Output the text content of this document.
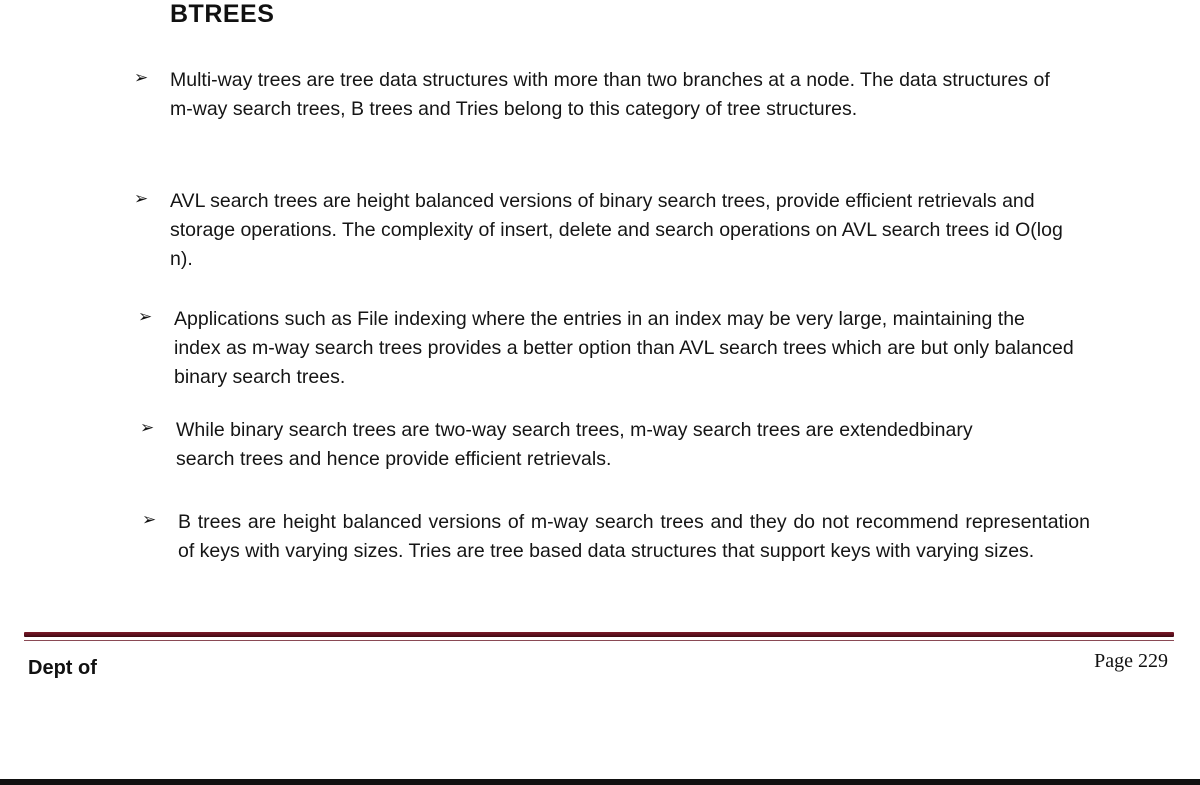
BTREES
➢ Multi-way trees are tree data structures with more than two branches at a node. The data structures of m-way search trees, B trees and Tries belong to this category of tree structures.
➢ AVL search trees are height balanced versions of binary search trees, provide efficient retrievals and storage operations. The complexity of insert, delete and search operations on AVL search trees id O(log n).
➢ Applications such as File indexing where the entries in an index may be very large, maintaining the index as m-way search trees provides a better option than AVL search trees which are but only balanced binary search trees.
➢ While binary search trees are two-way search trees, m-way search trees are extendedbinary search trees and hence provide efficient retrievals.
➢ B trees are height balanced versions of m-way search trees and they do not recommend representation of keys with varying sizes. Tries are tree based data structures that support keys with varying sizes.
Dept of	Page 229
